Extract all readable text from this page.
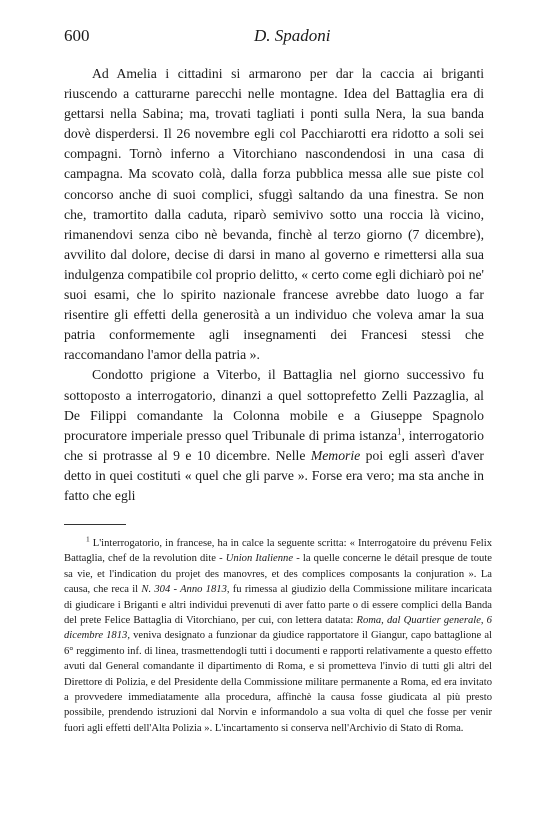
600	D. Spadoni

Ad Amelia i cittadini si armarono per dar la caccia ai briganti riuscendo a catturarne parecchi nelle montagne. Idea del Battaglia era di gettarsi nella Sabina; ma, trovati tagliati i ponti sulla Nera, la sua banda dovè disperdersi. Il 26 novembre egli col Pacchiarotti era ridotto a soli sei compagni. Tornò inferno a Vitorchiano nascondendosi in una casa di campagna. Ma scovato colà, dalla forza pubblica messa alle sue piste col concorso anche di suoi complici, sfuggì saltando da una finestra. Se non che, tramortito dalla caduta, riparò semivivo sotto una roccia là vicino, rimanendovi senza cibo nè bevanda, finchè al terzo giorno (7 dicembre), avvilito dal dolore, decise di darsi in mano al governo e rimettersi alla sua indulgenza compatibile col proprio delitto, « certo come egli dichiarò poi ne' suoi esami, che lo spirito nazionale francese avrebbe dato luogo a far risentire gli effetti della generosità a un individuo che voleva amar la sua patria conformemente agli insegnamenti dei Francesi stessi che raccomandano l'amor della patria ».

Condotto prigione a Viterbo, il Battaglia nel giorno successivo fu sottoposto a interrogatorio, dinanzi a quel sottoprefetto Zelli Pazzaglia, al De Filippi comandante la Colonna mobile e a Giuseppe Spagnolo procuratore imperiale presso quel Tribunale di prima istanza$^1$, interrogatorio che si protrasse al 9 e 10 dicembre. Nelle Memorie poi egli asserì d'aver detto in quei costituti « quel che gli parve ». Forse era vero; ma sta anche in fatto che egli

$^1$ L'interrogatorio, in francese, ha in calce la seguente scritta: « Interrogatoire du prévenu Felix Battaglia, chef de la revolution dite - Union Italienne - la quelle concerne le détail presque de toute sa vie, et l'indication du projet des manovres, et des complices composants la conjuration ». La causa, che reca il N. 304 - Anno 1813, fu rimessa al giudizio della Commissione militare incaricata di giudicare i Briganti e altri individui prevenuti di aver fatto parte o di essere complici della Banda del prete Felice Battaglia di Vitorchiano, per cui, con lettera datata: Roma, dal Quartier generale, 6 dicembre 1813, veniva designato a funzionar da giudice rapportatore il Giangur, capo battaglione al 6° reggimento inf. di linea, trasmettendogli tutti i documenti e rapporti relativamente a questo effetto avuti dal General comandante il dipartimento di Roma, e si prometteva l'invio di tutti gli altri del Direttore di Polizia, e del Presidente della Commissione militare permanente a Roma, ed era invitato a provvedere immediatamente alla procedura, affinchè la causa fosse giudicata al più presto possibile, prendendo istruzioni dal Norvin e informandolo a sua volta di quel che fosse per venir fuori agli effetti dell'Alta Polizia ». L'incartamento si conserva nell'Archivio di Stato di Roma.
